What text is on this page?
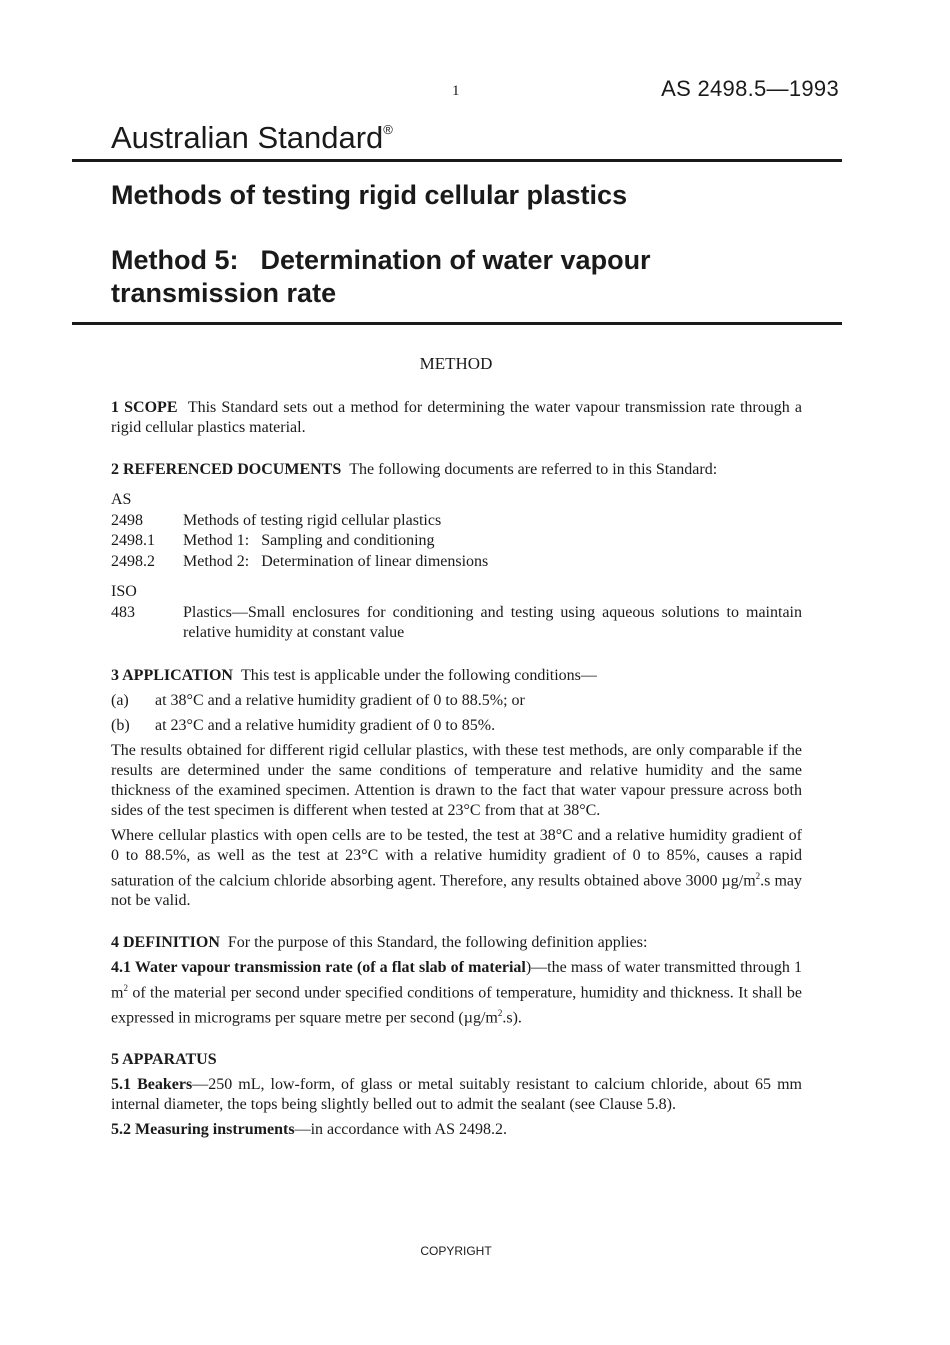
1	AS 2498.5—1993
Australian Standard®
Methods of testing rigid cellular plastics
Method 5: Determination of water vapour
transmission rate
METHOD

1 SCOPE This Standard sets out a method for determining the water vapour transmission rate through a rigid cellular plastics material.

2 REFERENCED DOCUMENTS The following documents are referred to in this Standard:

AS	
2498	Methods of testing rigid cellular plastics
2498.1	Method 1:   Sampling and conditioning
2498.2	Method 2:   Determination of linear dimensions
ISO
483	Plastics—Small enclosures for conditioning and testing using aqueous solutions to maintain relative humidity at constant value

3 APPLICATION This test is applicable under the following conditions—

(a)	at 38°C and a relative humidity gradient of 0 to 88.5%; or
(b)	at 23°C and a relative humidity gradient of 0 to 85%.

The results obtained for different rigid cellular plastics, with these test methods, are only comparable if the results are determined under the same conditions of temperature and relative humidity and the same thickness of the examined specimen. Attention is drawn to the fact that water vapour pressure across both sides of the test specimen is different when tested at 23°C from that at 38°C.

Where cellular plastics with open cells are to be tested, the test at 38°C and a relative humidity gradient of 0 to 88.5%, as well as the test at 23°C with a relative humidity gradient of 0 to 85%, causes a rapid saturation of the calcium chloride absorbing agent. Therefore, any results obtained above 3000 $\mu g/m^2.s$ may not be valid.

4 DEFINITION For the purpose of this Standard, the following definition applies:

4.1 Water vapour transmission rate (of a flat slab of material)—the mass of water transmitted through 1 $m^2$ of the material per second under specified conditions of temperature, humidity and thickness. It shall be expressed in micrograms per square metre per second $(\mu g/m^2.s)$.

5 APPARATUS

5.1 Beakers—250 mL, low-form, of glass or metal suitably resistant to calcium chloride, about 65 mm internal diameter, the tops being slightly belled out to admit the sealant (see Clause 5.8).

5.2 Measuring instruments—in accordance with AS 2498.2.

COPYRIGHT
